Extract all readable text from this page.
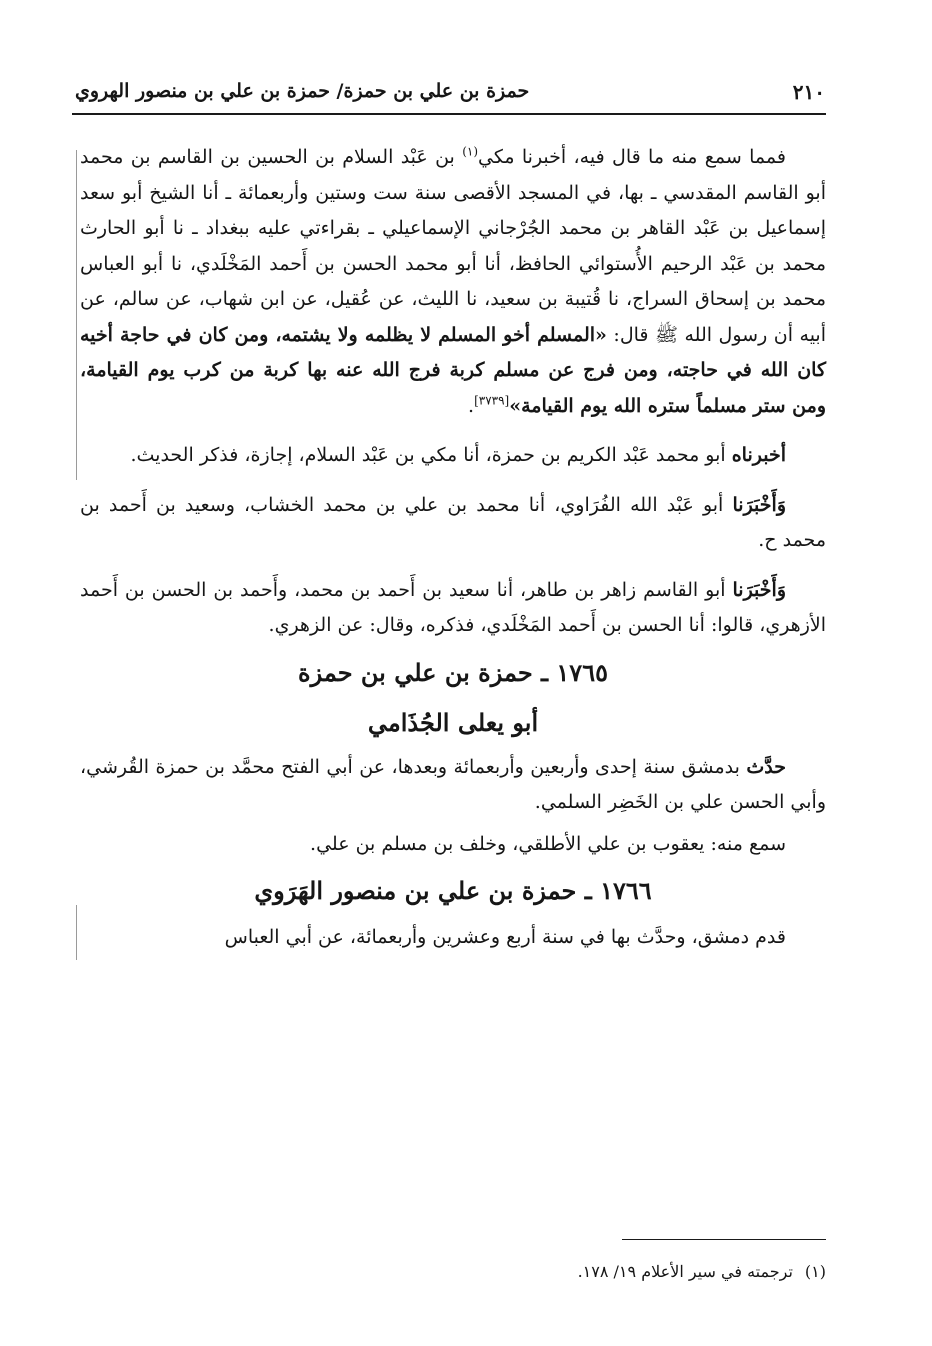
٢١٠
حمزة بن علي بن حمزة/ حمزة بن علي بن منصور الهروي

فمما سمع منه ما قال فيه، أخبرنا مكي$^{(١)}$ بن عَبْد السلام بن الحسين بن القاسم بن محمد أبو القاسم المقدسي ـ بها، في المسجد الأقصى سنة ست وستين وأربعمائة ـ أنا الشيخ أبو سعد إسماعيل بن عَبْد القاهر بن محمد الجُرْجاني الإسماعيلي ـ بقراءتي عليه ببغداد ـ نا أبو الحارث محمد بن عَبْد الرحيم الأُستوائي الحافظ، أنا أبو محمد الحسن بن أَحمد المَخْلَدي، نا أبو العباس محمد بن إسحاق السراج، نا قُتيبة بن سعيد، نا الليث، عن عُقيل، عن ابن شهاب، عن سالم، عن أبيه أن رسول الله ﷺ قال: «المسلم أخو المسلم لا يظلمه ولا يشتمه، ومن كان في حاجة أخيه كان الله في حاجته، ومن فرج عن مسلم كربة فرج الله عنه بها كربة من كرب يوم القيامة، ومن ستر مسلماً ستره الله يوم القيامة»[٣٧٣٩].

أخبرناه أبو محمد عَبْد الكريم بن حمزة، أنا مكي بن عَبْد السلام، إجازة، فذكر الحديث.

وَأَخْبَرَنا أبو عَبْد الله الفُرَاوي، أنا محمد بن علي بن محمد الخشاب، وسعيد بن أَحمد بن محمد ح.

وَأَخْبَرَنا أبو القاسم زاهر بن طاهر، أنا سعيد بن أَحمد بن محمد، وأَحمد بن الحسن بن أَحمد الأزهري، قالوا: أنا الحسن بن أَحمد المَخْلَدي، فذكره، وقال: عن الزهري.

١٧٦٥ ـ حمزة بن علي بن حمزة
أبو يعلى الجُذَامي

حدَّث بدمشق سنة إحدى وأربعين وأربعمائة وبعدها، عن أبي الفتح محمَّد بن حمزة القُرشي، وأبي الحسن علي بن الخَضِر السلمي.

سمع منه: يعقوب بن علي الأطلقي، وخلف بن مسلم بن علي.

١٧٦٦ ـ حمزة بن علي بن منصور الهَرَوي

قدم دمشق، وحدَّث بها في سنة أربع وعشرين وأربعمائة، عن أبي العباس

(١)ترجمته في سير الأعلام ١٩/ ١٧٨.
